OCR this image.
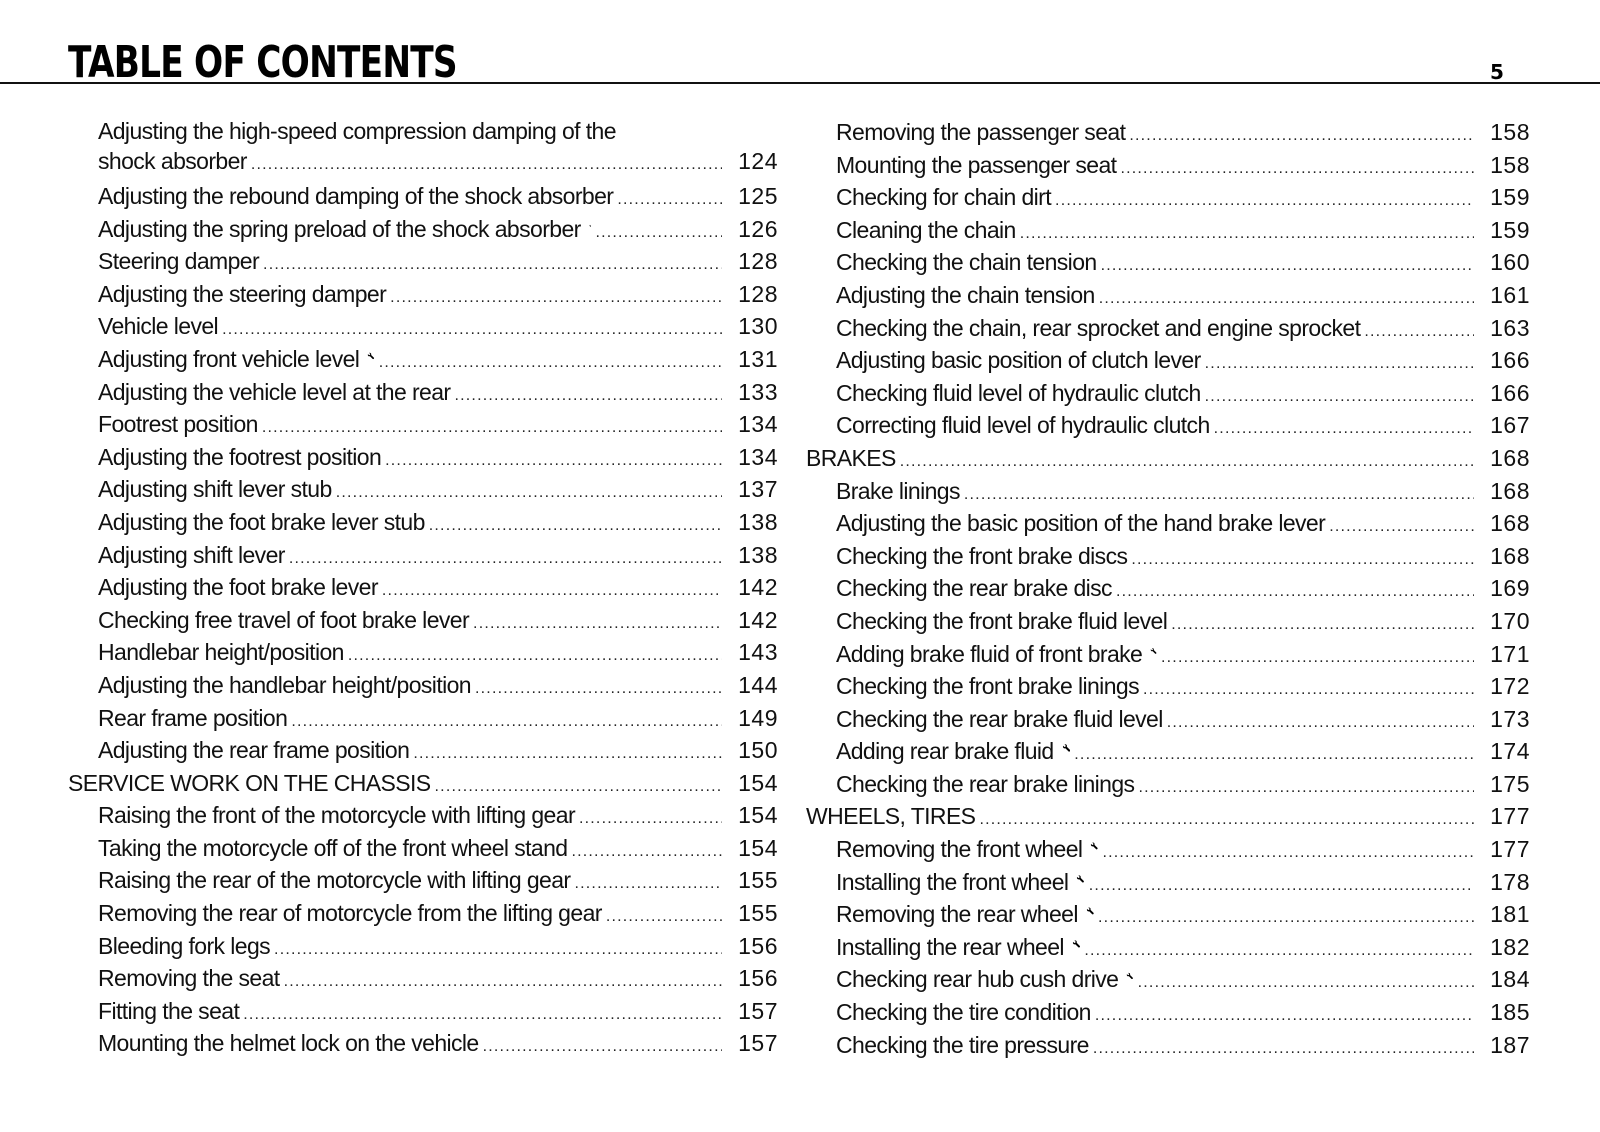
TABLE OF CONTENTS	5
Adjusting the high-speed compression damping of the
shock absorber .....	124
Adjusting the rebound damping of the shock absorber .....	125
Adjusting the spring preload of the shock absorber .....	126
Steering damper .....	128
Adjusting the steering damper .....	128
Vehicle level .....	130
Adjusting front vehicle level .....	131
Adjusting the vehicle level at the rear .....	133
Footrest position .....	134
Adjusting the footrest position .....	134
Adjusting shift lever stub .....	137
Adjusting the foot brake lever stub .....	138
Adjusting shift lever .....	138
Adjusting the foot brake lever .....	142
Checking free travel of foot brake lever .....	142
Handlebar height/position .....	143
Adjusting the handlebar height/position .....	144
Rear frame position .....	149
Adjusting the rear frame position .....	150
SERVICE WORK ON THE CHASSIS .....	154
Raising the front of the motorcycle with lifting gear .....	154
Taking the motorcycle off of the front wheel stand .....	154
Raising the rear of the motorcycle with lifting gear .....	155
Removing the rear of motorcycle from the lifting gear .....	155
Bleeding fork legs .....	156
Removing the seat .....	156
Fitting the seat .....	157
Mounting the helmet lock on the vehicle .....	157
Removing the passenger seat .....	158
Mounting the passenger seat .....	158
Checking for chain dirt .....	159
Cleaning the chain .....	159
Checking the chain tension .....	160
Adjusting the chain tension .....	161
Checking the chain, rear sprocket and engine sprocket .....	163
Adjusting basic position of clutch lever .....	166
Checking fluid level of hydraulic clutch .....	166
Correcting fluid level of hydraulic clutch .....	167
BRAKES .....	168
Brake linings .....	168
Adjusting the basic position of the hand brake lever .....	168
Checking the front brake discs .....	168
Checking the rear brake disc .....	169
Checking the front brake fluid level .....	170
Adding brake fluid of front brake .....	171
Checking the front brake linings .....	172
Checking the rear brake fluid level .....	173
Adding rear brake fluid .....	174
Checking the rear brake linings .....	175
WHEELS, TIRES .....	177
Removing the front wheel .....	177
Installing the front wheel .....	178
Removing the rear wheel .....	181
Installing the rear wheel .....	182
Checking rear hub cush drive .....	184
Checking the tire condition .....	185
Checking the tire pressure .....	187
